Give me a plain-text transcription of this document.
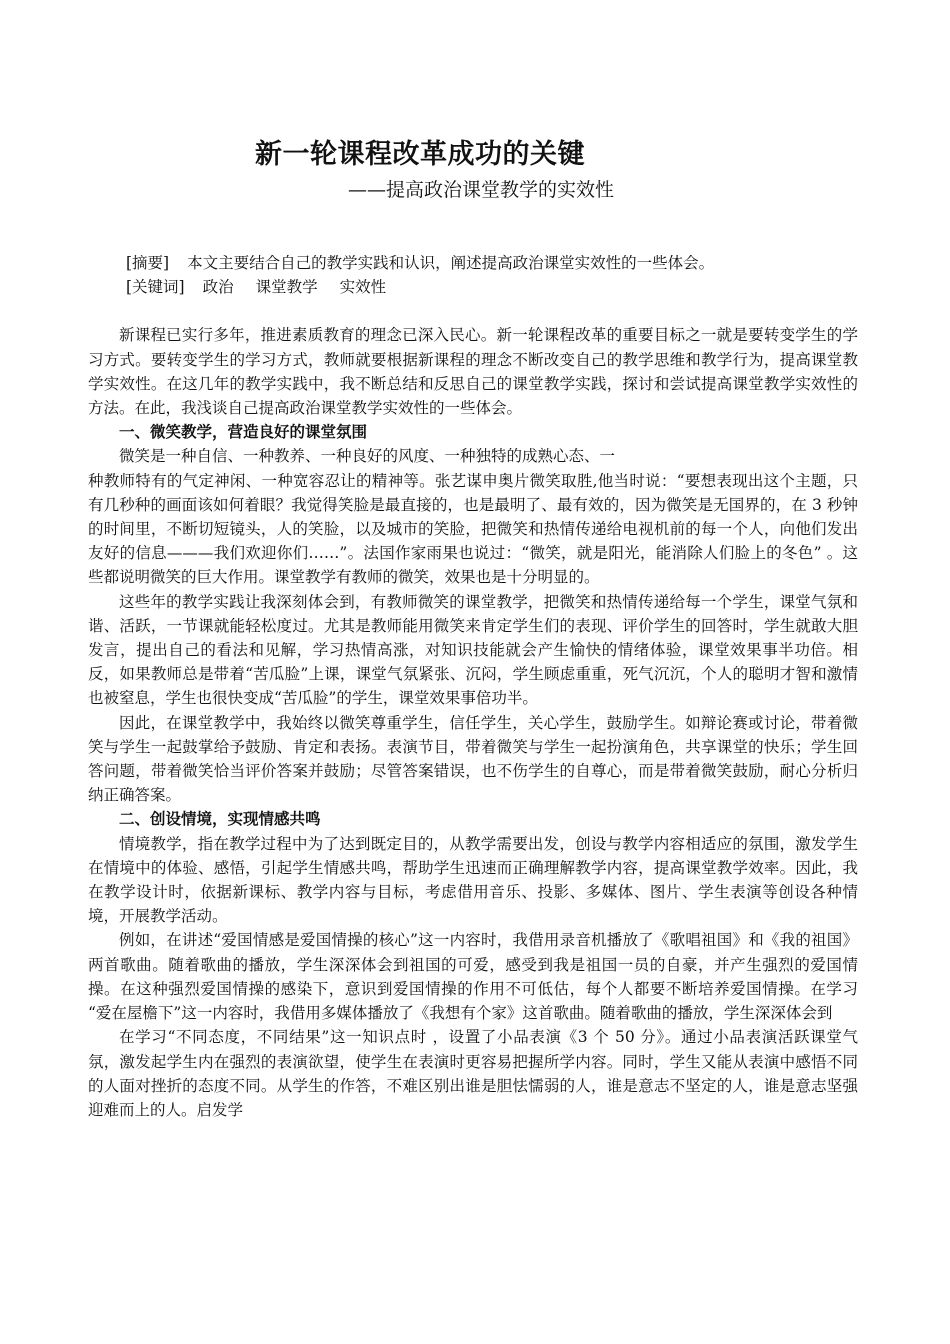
新一轮课程改革成功的关键
——提高政治课堂教学的实效性

[摘要] 本文主要结合自己的教学实践和认识，阐述提高政治课堂实效性的一些体会。

[关键词] 政治 课堂教学 实效性

新课程已实行多年，推进素质教育的理念已深入民心。新一轮课程改革的重要目标之一就是要转变学生的学习方式。要转变学生的学习方式，教师就要根据新课程的理念不断改变自己的教学思维和教学行为，提高课堂教学实效性。在这几年的教学实践中，我不断总结和反思自己的课堂教学实践，探讨和尝试提高课堂教学实效性的方法。在此，我浅谈自己提高政治课堂教学实效性的一些体会。

一、微笑教学，营造良好的课堂氛围

微笑是一种自信、一种教养、一种良好的风度、一种独特的成熟心态、一

种教师特有的气定神闲、一种宽容忍让的精神等。张艺谋申奥片微笑取胜,他当时说：“要想表现出这个主题，只有几秒种的画面该如何着眼？我觉得笑脸是最直接的，也是最明了、最有效的，因为微笑是无国界的，在 3 秒钟的时间里，不断切短镜头，人的笑脸，以及城市的笑脸，把微笑和热情传递给电视机前的每一个人，向他们发出友好的信息———我们欢迎你们……”。法国作家雨果也说过：“微笑，就是阳光，能消除人们脸上的冬色” 。这些都说明微笑的巨大作用。课堂教学有教师的微笑，效果也是十分明显的。

这些年的教学实践让我深刻体会到，有教师微笑的课堂教学，把微笑和热情传递给每一个学生，课堂气氛和谐、活跃，一节课就能轻松度过。尤其是教师能用微笑来肯定学生们的表现、评价学生的回答时，学生就敢大胆发言，提出自己的看法和见解，学习热情高涨，对知识技能就会产生愉快的情绪体验，课堂效果事半功倍。相反，如果教师总是带着“苦瓜脸”上课，课堂气氛紧张、沉闷，学生顾虑重重，死气沉沉，个人的聪明才智和激情也被窒息，学生也很快变成“苦瓜脸”的学生，课堂效果事倍功半。

因此，在课堂教学中，我始终以微笑尊重学生，信任学生，关心学生，鼓励学生。如辩论赛或讨论，带着微笑与学生一起鼓掌给予鼓励、肯定和表扬。表演节目，带着微笑与学生一起扮演角色，共享课堂的快乐；学生回答问题，带着微笑恰当评价答案并鼓励；尽管答案错误，也不伤学生的自尊心，而是带着微笑鼓励，耐心分析归纳正确答案。

二、创设情境，实现情感共鸣

情境教学，指在教学过程中为了达到既定目的，从教学需要出发，创设与教学内容相适应的氛围，激发学生在情境中的体验、感悟，引起学生情感共鸣，帮助学生迅速而正确理解教学内容，提高课堂教学效率。因此，我在教学设计时，依据新课标、教学内容与目标，考虑借用音乐、投影、多媒体、图片、学生表演等创设各种情境，开展教学活动。

例如，在讲述“爱国情感是爱国情操的核心”这一内容时，我借用录音机播放了《歌唱祖国》和《我的祖国》两首歌曲。随着歌曲的播放，学生深深体会到祖国的可爱，感受到我是祖国一员的自豪，并产生强烈的爱国情操。在这种强烈爱国情操的感染下，意识到爱国情操的作用不可低估，每个人都要不断培养爱国情操。在学习 “爱在屋檐下”这一内容时，我借用多媒体播放了《我想有个家》这首歌曲。随着歌曲的播放，学生深深体会到

在学习“不同态度，不同结果”这一知识点时 ，设置了小品表演《3 个 50 分》。通过小品表演活跃课堂气氛，激发起学生内在强烈的表演欲望，使学生在表演时更容易把握所学内容。同时，学生又能从表演中感悟不同的人面对挫折的态度不同。从学生的作答，不难区别出谁是胆怯懦弱的人，谁是意志不坚定的人，谁是意志坚强迎难而上的人。启发学
